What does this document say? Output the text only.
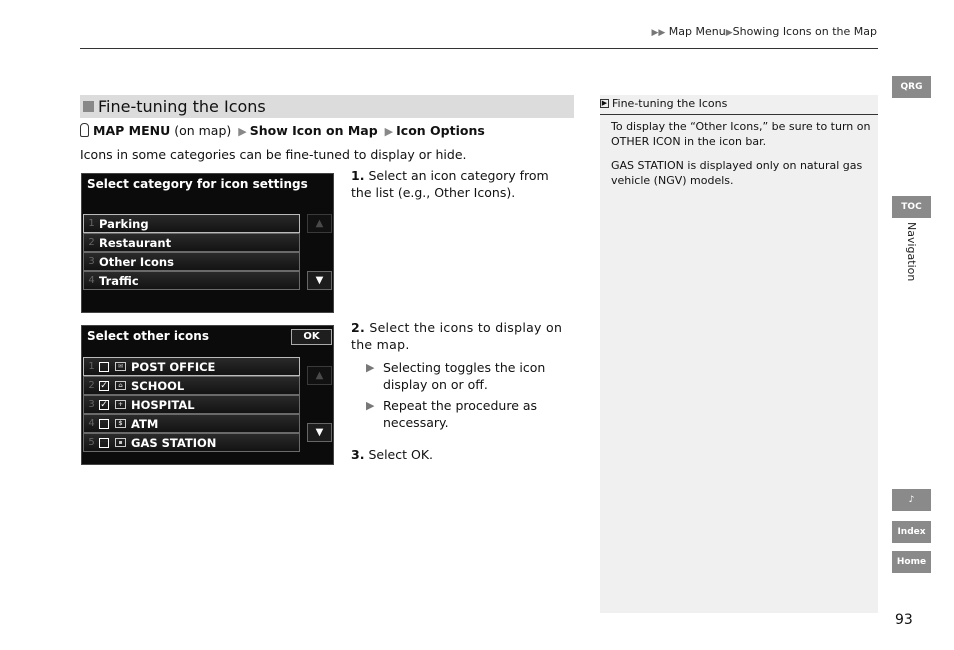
▶▶ Map Menu▶Showing Icons on the Map
Fine-tuning the Icons
MAP MENU (on map) ▶ Show Icon on Map ▶ Icon Options
Icons in some categories can be fine-tuned to display or hide.
Select category for icon settings
1 Parking
2 Restaurant
3 Other Icons
4 Traffic
▲
▼
Select other icons	OK
1	✉ POST OFFICE
2 ✓	⌂ SCHOOL
3 ✓	+ HOSPITAL
4	$ ATM
5	▪ GAS STATION
▲
▼
1. Select an icon category from the list (e.g., Other Icons).
2. Select the icons to display on the map.
▶ Selecting toggles the icon display on or off.
▶ Repeat the procedure as necessary.
3. Select OK.
▶ Fine-tuning the Icons
To display the “Other Icons,” be sure to turn on OTHER ICON in the icon bar.
GAS STATION is displayed only on natural gas vehicle (NGV) models.
QRG
TOC
Navigation
♪
Index
Home
93
